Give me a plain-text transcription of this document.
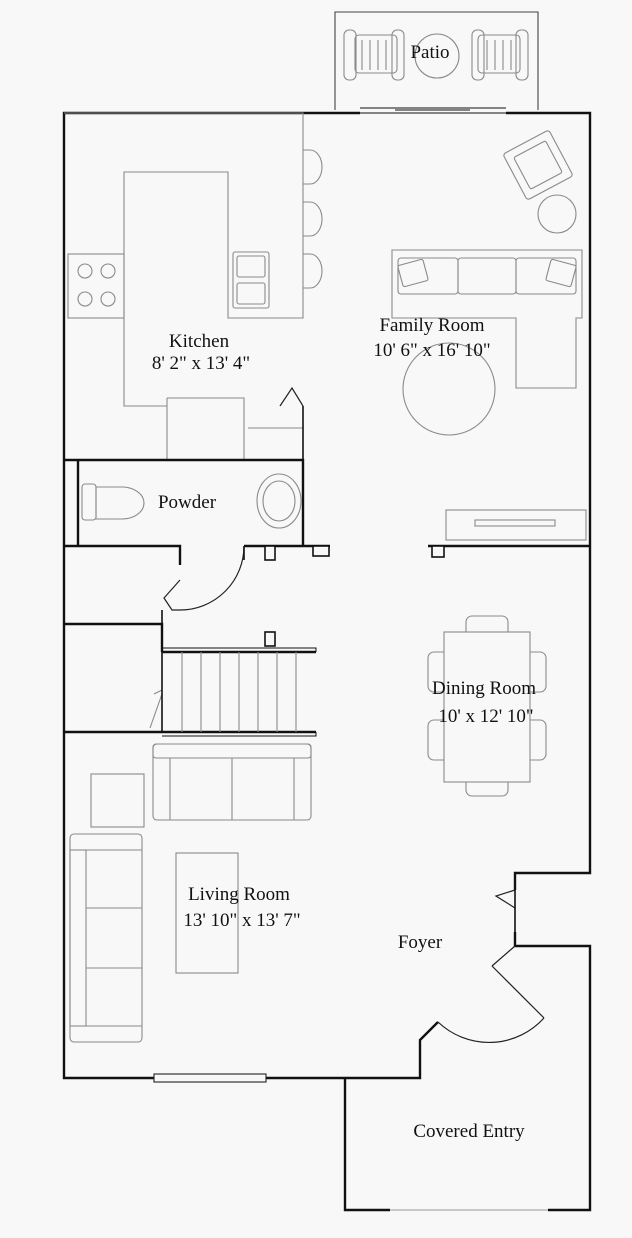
Kitchen
8' 2" x 13' 4"
Family Room
10' 6" x 16' 10"
Powder
Dining Room
10' x 12' 10"
Living Room
13' 10" x 13' 7"
Foyer
Covered Entry
Patio
